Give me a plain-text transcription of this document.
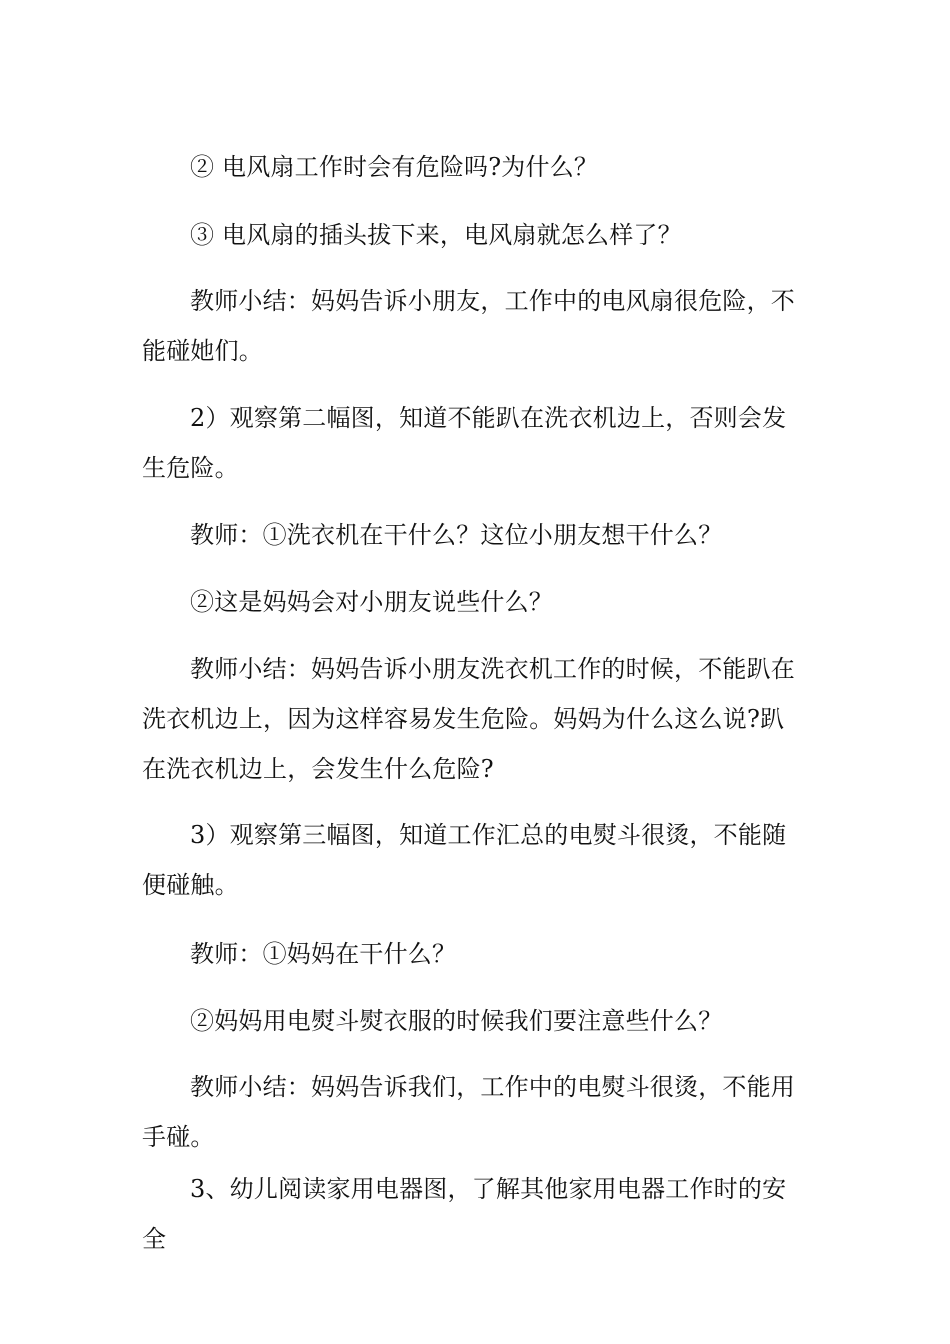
② 电风扇工作时会有危险吗?为什么？

③ 电风扇的插头拔下来，电风扇就怎么样了？

教师小结：妈妈告诉小朋友，工作中的电风扇很危险，不能碰她们。

2）观察第二幅图，知道不能趴在洗衣机边上，否则会发生危险。

教师：①洗衣机在干什么？这位小朋友想干什么？

②这是妈妈会对小朋友说些什么？

教师小结：妈妈告诉小朋友洗衣机工作的时候，不能趴在洗衣机边上，因为这样容易发生危险。妈妈为什么这么说?趴在洗衣机边上，会发生什么危险?

3）观察第三幅图，知道工作汇总的电熨斗很烫，不能随便碰触。

教师：①妈妈在干什么？

②妈妈用电熨斗熨衣服的时候我们要注意些什么？

教师小结：妈妈告诉我们，工作中的电熨斗很烫，不能用手碰。

3、幼儿阅读家用电器图，了解其他家用电器工作时的安全
